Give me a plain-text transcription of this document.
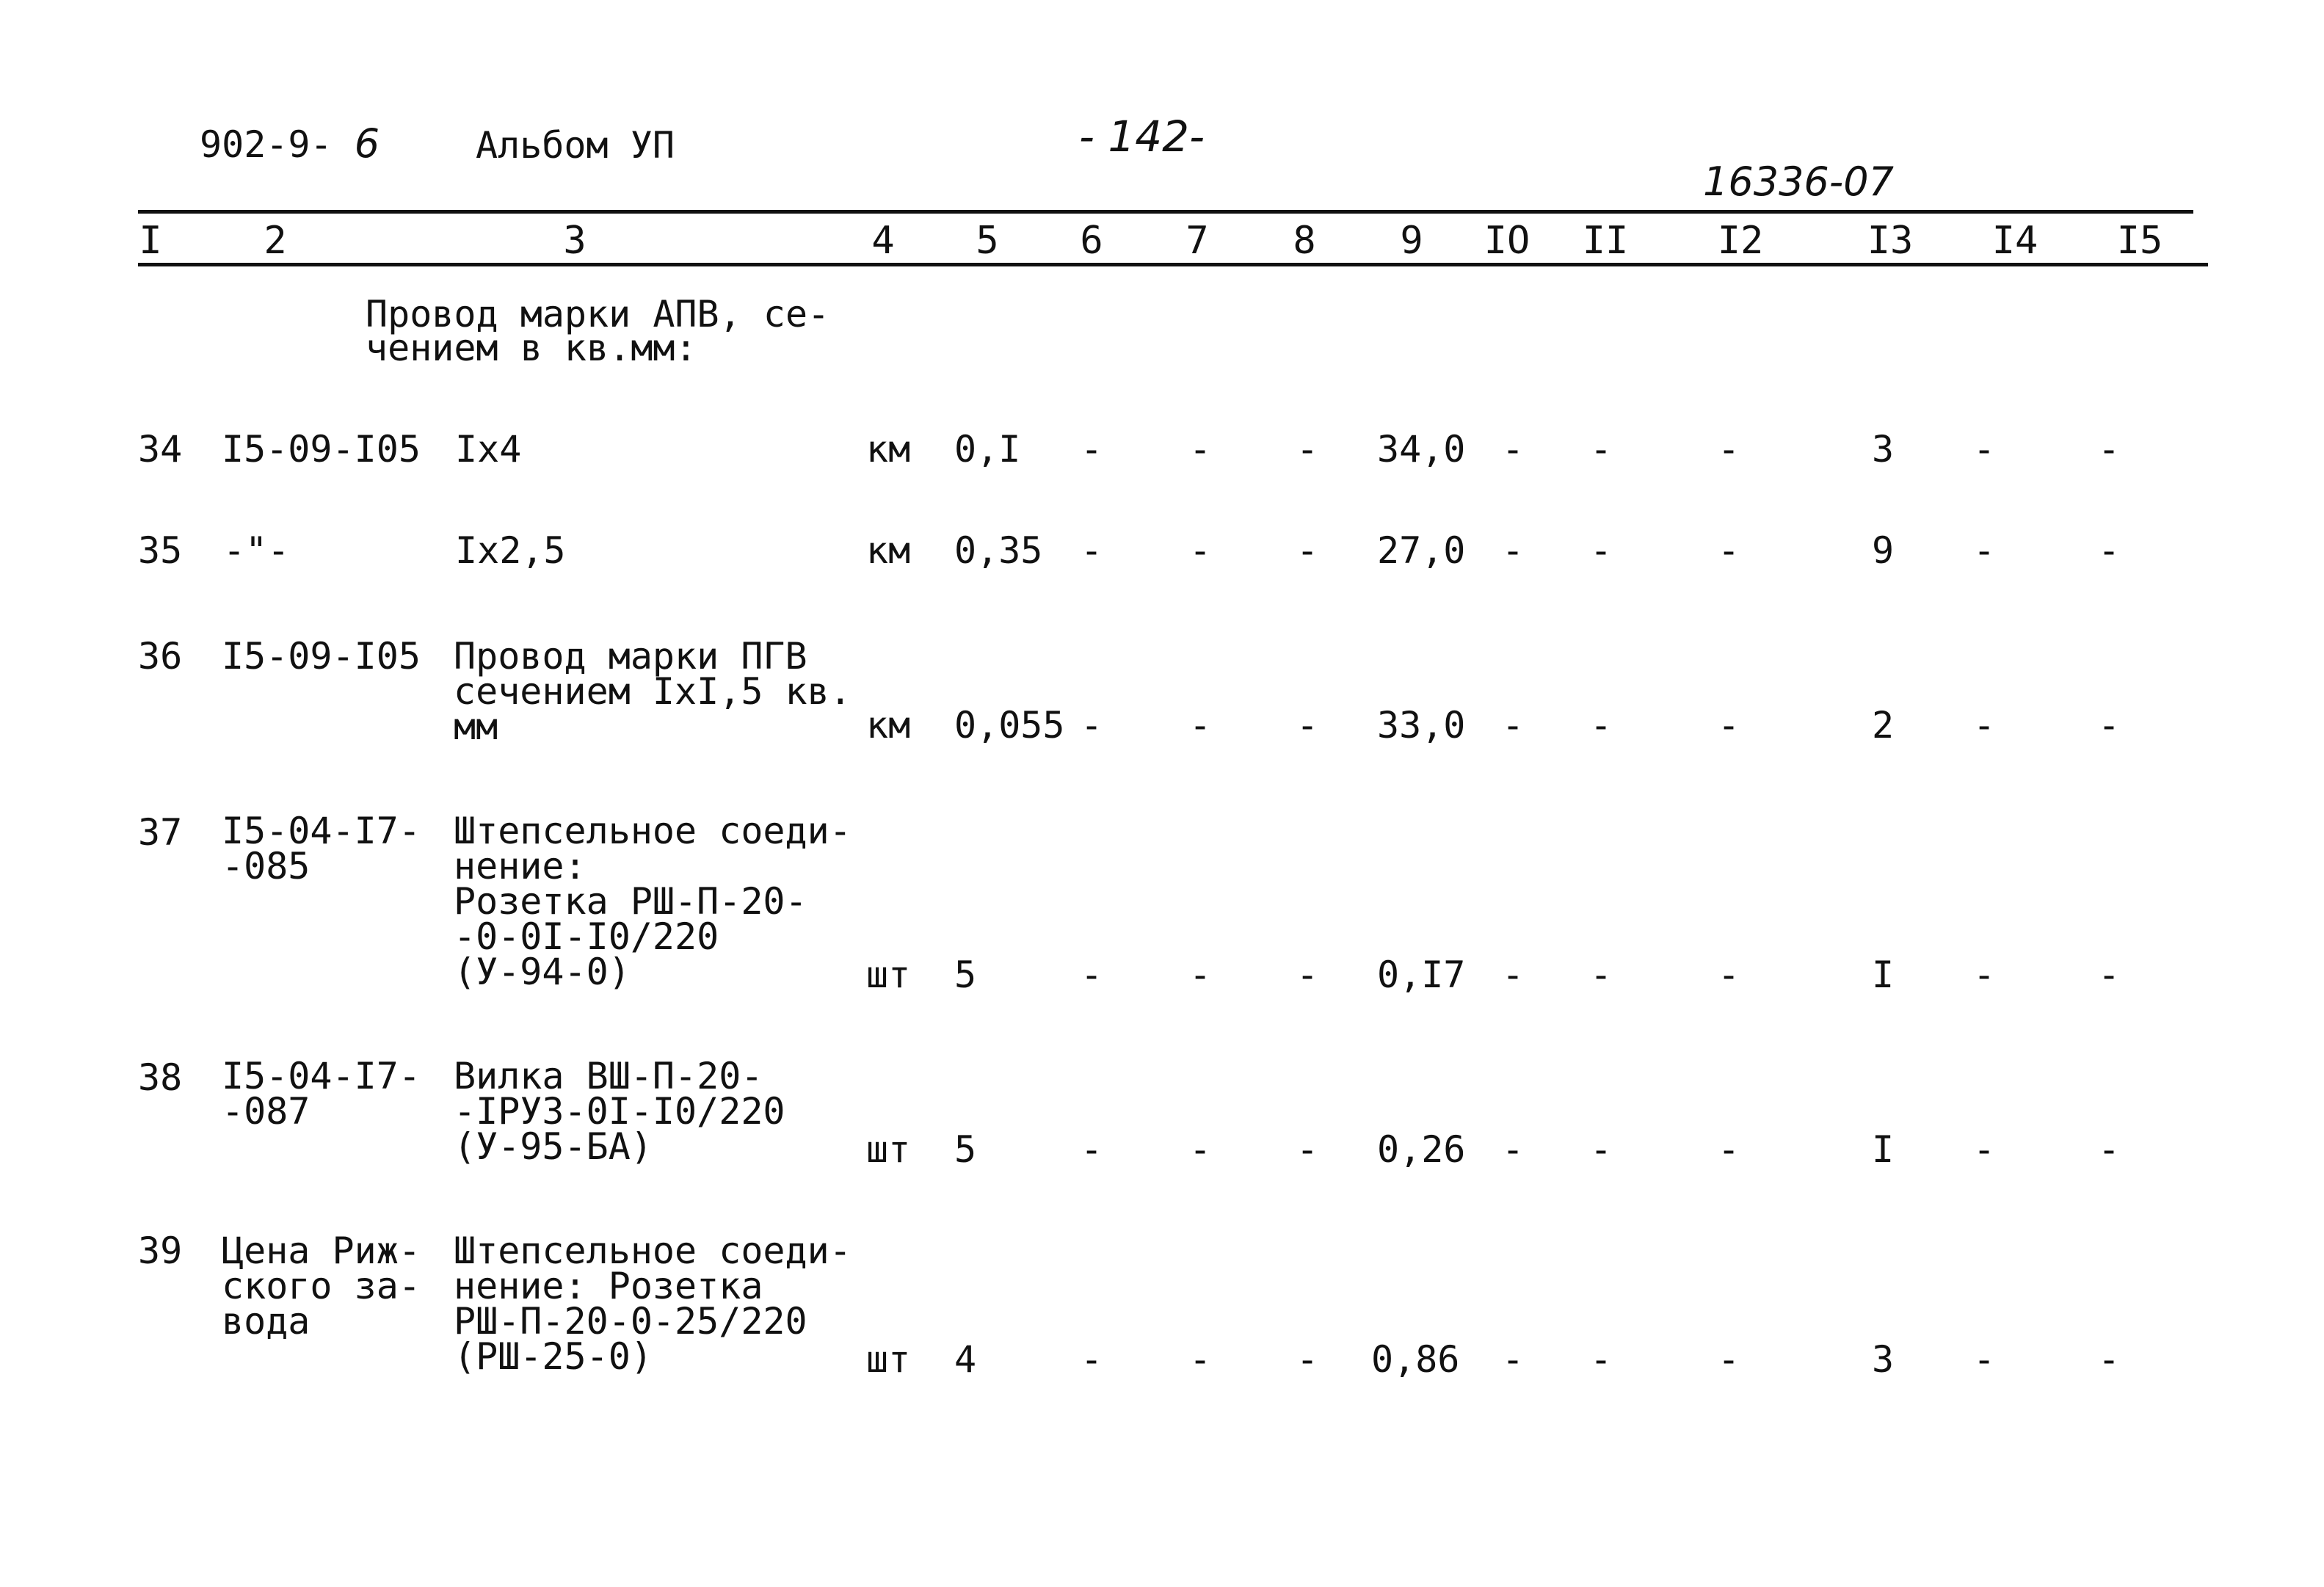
902-9- 6	Альбом УП	- 142-
16336-07
I	2	3	4 5 6 7 8 9 IO II I2	I3 I4 I5
Провод марки АПВ, се-
чением в кв.мм:
34 I5-09-I05 Iх4	км 0,I - - - 34,0 - -	-	3 -	-
35 -"-	Iх2,5	км 0,35 - - - 27,0 - -	-	9 -	-
36 I5-09-I05 Провод марки ПГВ
сечением IхI,5 кв.
мм	км 0,055 - - - 33,0 - -	-	2 -	-
37 I5-04-I7-
-085
Штепсельное соеди-
нение:
Розетка РШ-П-20-
-0-0I-I0/220
(У-94-0)	шт 5	- - - 0,I7 - -	-	I -	-
38 I5-04-I7-
-087
Вилка ВШ-П-20-
-IРУЗ-0I-I0/220
(У-95-БА)	шт 5	- - - 0,26 - -	-	I -	-
39 Цена Риж-
ского за-
вода
Штепсельное соеди-
нение: Розетка
РШ-П-20-0-25/220
(РШ-25-0)	шт 4	- - - 0,86 - -	-	3 -	-
